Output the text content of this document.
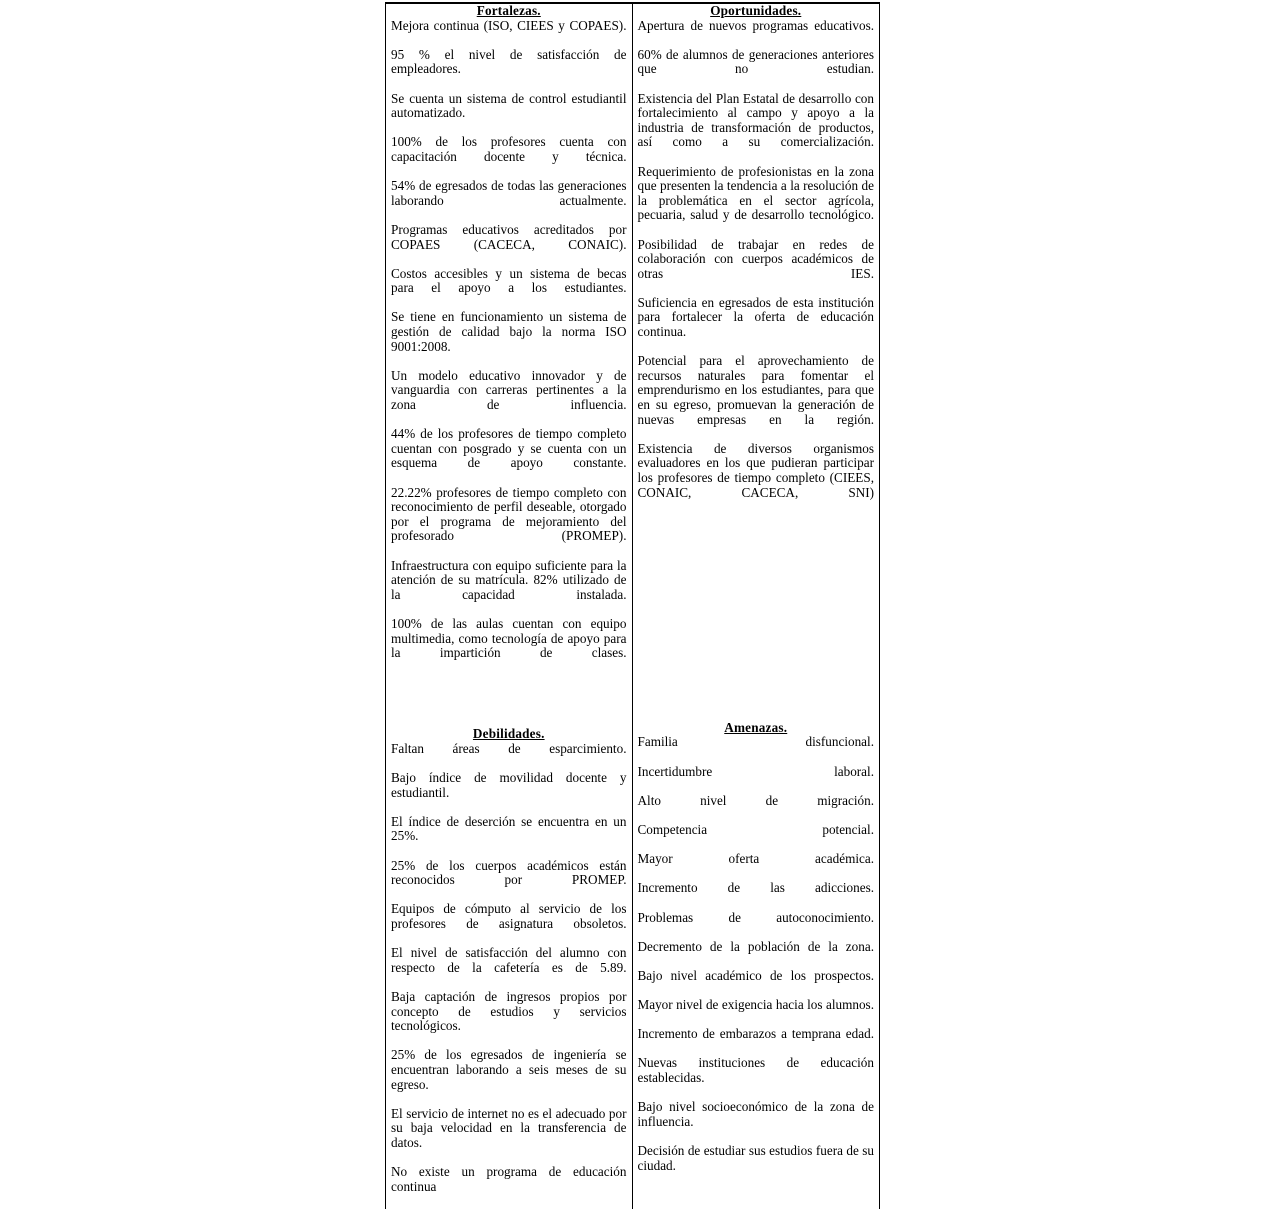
Fortalezas.

Mejora continua (ISO, CIEES y COPAES).

95 % el nivel de satisfacción de empleadores.

Se cuenta un sistema de control estudiantil automatizado.

100% de los profesores cuenta con capacitación docente y técnica.

54% de egresados de todas las generaciones laborando actualmente.

Programas educativos acreditados por COPAES (CACECA, CONAIC).

Costos accesibles y un sistema de becas para el apoyo a los estudiantes.

Se tiene en funcionamiento un sistema de gestión de calidad bajo la norma ISO 9001:2008.

Un modelo educativo innovador y de vanguardia con carreras pertinentes a la zona de influencia.

44% de los profesores de tiempo completo cuentan con posgrado y se cuenta con un esquema de apoyo constante.

22.22% profesores de tiempo completo con reconocimiento de perfil deseable, otorgado por el programa de mejoramiento del profesorado (PROMEP).

Infraestructura con equipo suficiente para la atención de su matrícula. 82% utilizado de la capacidad instalada.

100% de las aulas cuentan con equipo multimedia, como tecnología de apoyo para la impartición de clases.

Debilidades.

Faltan áreas de esparcimiento.

Bajo índice de movilidad docente y estudiantil.

El índice de deserción se encuentra en un 25%.

25% de los cuerpos académicos están reconocidos por PROMEP.

Equipos de cómputo al servicio de los profesores de asignatura obsoletos.

El nivel de satisfacción del alumno con respecto de la cafetería es de 5.89.

Baja captación de ingresos propios por concepto de estudios y servicios tecnológicos.

25% de los egresados de ingeniería se encuentran laborando a seis meses de su egreso.

El servicio de internet no es el adecuado por su baja velocidad en la transferencia de datos.

No existe un programa de educación continua

Oportunidades.

Apertura de nuevos programas educativos.

60% de alumnos de generaciones anteriores que no estudian.

Existencia del Plan Estatal de desarrollo con fortalecimiento al campo y apoyo a la industria de transformación de productos, así como a su comercialización.

Requerimiento de profesionistas en la zona que presenten la tendencia a la resolución de la problemática en el sector agrícola, pecuaria, salud y de desarrollo tecnológico.

Posibilidad de trabajar en redes de colaboración con cuerpos académicos de otras IES.

Suficiencia en egresados de esta institución para fortalecer la oferta de educación continua.

Potencial para el aprovechamiento de recursos naturales para fomentar el emprendurismo en los estudiantes, para que en su egreso, promuevan la generación de nuevas empresas en la región.

Existencia de diversos organismos evaluadores en los que pudieran participar los profesores de tiempo completo (CIEES, CONAIC, CACECA, SNI)

Amenazas.

Familia disfuncional.

Incertidumbre laboral.

Alto nivel de migración.

Competencia potencial.

Mayor oferta académica.

Incremento de las adicciones.

Problemas de autoconocimiento.

Decremento de la población de la zona.

Bajo nivel académico de los prospectos.

Mayor nivel de exigencia hacia los alumnos.

Incremento de embarazos a temprana edad.

Nuevas instituciones de educación establecidas.

Bajo nivel socioeconómico de la zona de influencia.

Decisión de estudiar sus estudios fuera de su ciudad.
